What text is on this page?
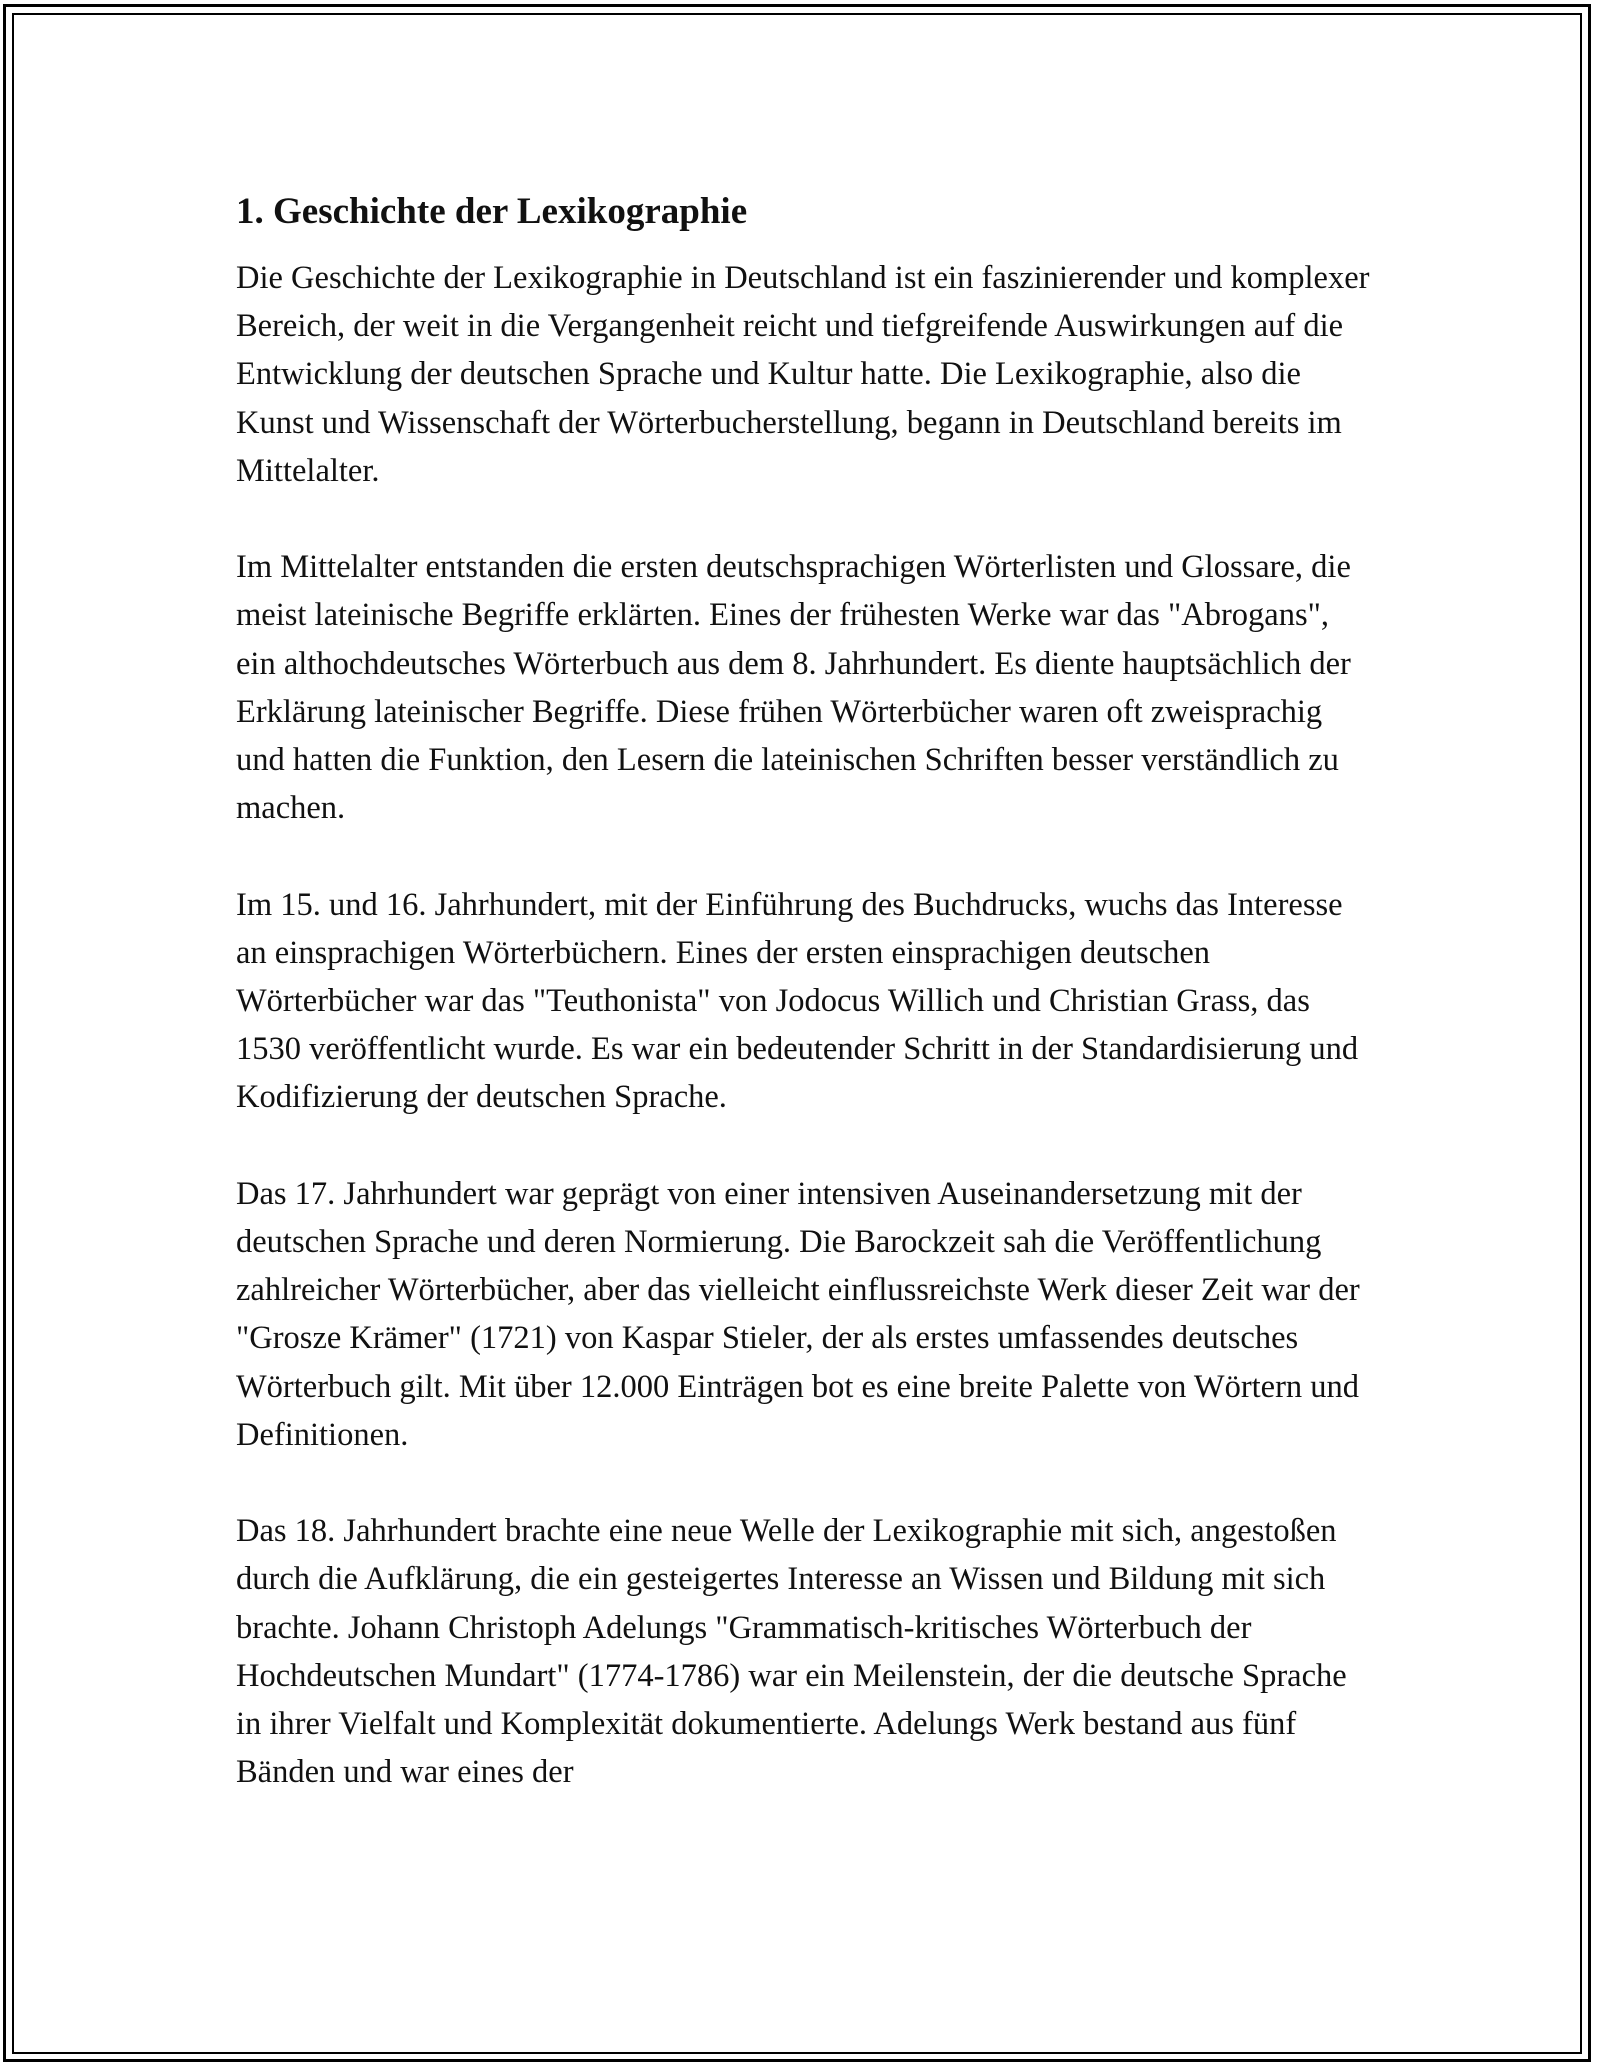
1. Geschichte der Lexikographie

Die Geschichte der Lexikographie in Deutschland ist ein faszinierender und komplexer Bereich, der weit in die Vergangenheit reicht und tiefgreifende Auswirkungen auf die Entwicklung der deutschen Sprache und Kultur hatte. Die Lexikographie, also die Kunst und Wissenschaft der Wörterbucherstellung, begann in Deutschland bereits im Mittelalter.

Im Mittelalter entstanden die ersten deutschsprachigen Wörterlisten und Glossare, die meist lateinische Begriffe erklärten. Eines der frühesten Werke war das "Abrogans", ein althochdeutsches Wörterbuch aus dem 8. Jahrhundert. Es diente hauptsächlich der Erklärung lateinischer Begriffe. Diese frühen Wörterbücher waren oft zweisprachig und hatten die Funktion, den Lesern die lateinischen Schriften besser verständlich zu machen.

Im 15. und 16. Jahrhundert, mit der Einführung des Buchdrucks, wuchs das Interesse an einsprachigen Wörterbüchern. Eines der ersten einsprachigen deutschen Wörterbücher war das "Teuthonista" von Jodocus Willich und Christian Grass, das 1530 veröffentlicht wurde. Es war ein bedeutender Schritt in der Standardisierung und Kodifizierung der deutschen Sprache.

Das 17. Jahrhundert war geprägt von einer intensiven Auseinandersetzung mit der deutschen Sprache und deren Normierung. Die Barockzeit sah die Veröffentlichung zahlreicher Wörterbücher, aber das vielleicht einflussreichste Werk dieser Zeit war der "Grosze Krämer" (1721) von Kaspar Stieler, der als erstes umfassendes deutsches Wörterbuch gilt. Mit über 12.000 Einträgen bot es eine breite Palette von Wörtern und Definitionen.

Das 18. Jahrhundert brachte eine neue Welle der Lexikographie mit sich, angestoßen durch die Aufklärung, die ein gesteigertes Interesse an Wissen und Bildung mit sich brachte. Johann Christoph Adelungs "Grammatisch-kritisches Wörterbuch der Hochdeutschen Mundart" (1774-1786) war ein Meilenstein, der die deutsche Sprache in ihrer Vielfalt und Komplexität dokumentierte. Adelungs Werk bestand aus fünf Bänden und war eines der
